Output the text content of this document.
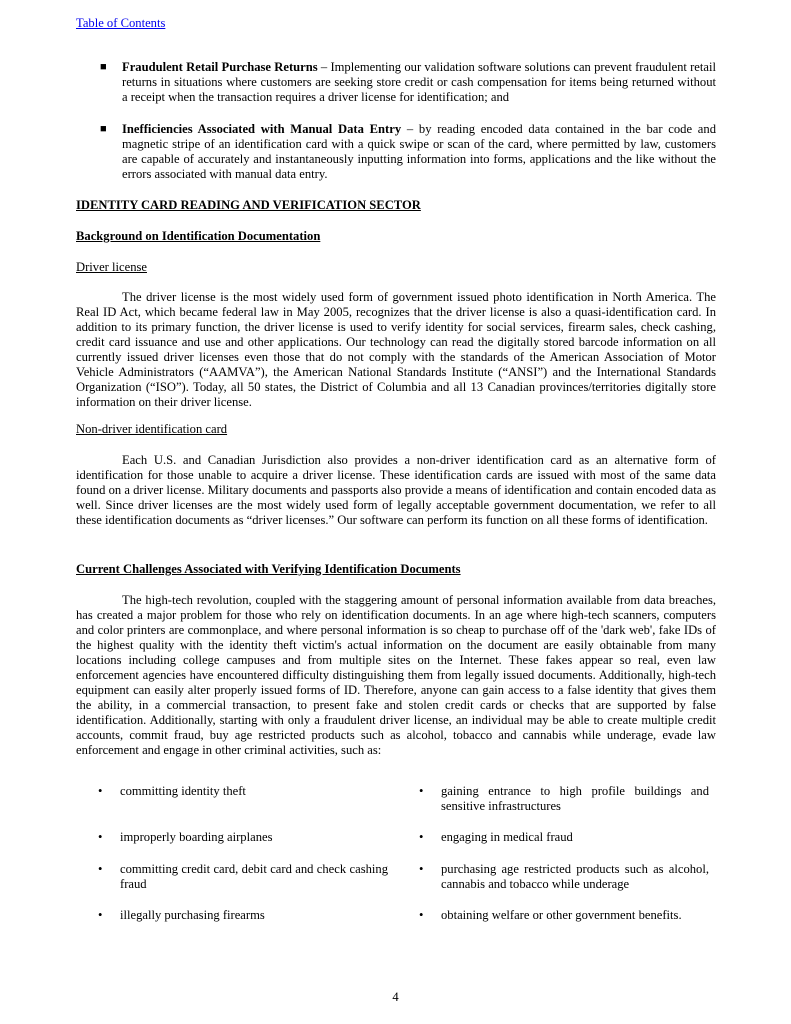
Table of Contents
■ Fraudulent Retail Purchase Returns – Implementing our validation software solutions can prevent fraudulent retail returns in situations where customers are seeking store credit or cash compensation for items being returned without a receipt when the transaction requires a driver license for identification; and

■ Inefficiencies Associated with Manual Data Entry – by reading encoded data contained in the bar code and magnetic stripe of an identification card with a quick swipe or scan of the card, where permitted by law, customers are capable of accurately and instantaneously inputting information into forms, applications and the like without the errors associated with manual data entry.

IDENTITY CARD READING AND VERIFICATION SECTOR
Background on Identification Documentation
Driver license

The driver license is the most widely used form of government issued photo identification in North America. The Real ID Act, which became federal law in May 2005, recognizes that the driver license is also a quasi-identification card. In addition to its primary function, the driver license is used to verify identity for social services, firearm sales, check cashing, credit card issuance and use and other applications. Our technology can read the digitally stored barcode information on all currently issued driver licenses even those that do not comply with the standards of the American Association of Motor Vehicle Administrators (“AAMVA”), the American National Standards Institute (“ANSI”) and the International Standards Organization (“ISO”). Today, all 50 states, the District of Columbia and all 13 Canadian provinces/territories digitally store information on their driver license.

Non-driver identification card

Each U.S. and Canadian Jurisdiction also provides a non-driver identification card as an alternative form of identification for those unable to acquire a driver license. These identification cards are issued with most of the same data found on a driver license. Military documents and passports also provide a means of identification and contain encoded data as well. Since driver licenses are the most widely used form of legally acceptable government documentation, we refer to all these identification documents as “driver licenses.” Our software can perform its function on all these forms of identification.

Current Challenges Associated with Verifying Identification Documents

The high-tech revolution, coupled with the staggering amount of personal information available from data breaches, has created a major problem for those who rely on identification documents. In an age where high-tech scanners, computers and color printers are commonplace, and where personal information is so cheap to purchase off of the 'dark web', fake IDs of the highest quality with the identity theft victim's actual information on the document are easily obtainable from many locations including college campuses and from multiple sites on the Internet. These fakes appear so real, even law enforcement agencies have encountered difficulty distinguishing them from legally issued documents. Additionally, high-tech equipment can easily alter properly issued forms of ID. Therefore, anyone can gain access to a false identity that gives them the ability, in a commercial transaction, to present fake and stolen credit cards or checks that are supported by false identification. Additionally, starting with only a fraudulent driver license, an individual may be able to create multiple credit accounts, commit fraud, buy age restricted products such as alcohol, tobacco and cannabis while underage, evade law enforcement and engage in other criminal activities, such as:

• committing identity theft
• improperly boarding airplanes
• committing credit card, debit card and check cashing fraud
• illegally purchasing firearms
• gaining entrance to high profile buildings and sensitive infrastructures
• engaging in medical fraud
• purchasing age restricted products such as alcohol, cannabis and tobacco while underage
• obtaining welfare or other government benefits.
4
